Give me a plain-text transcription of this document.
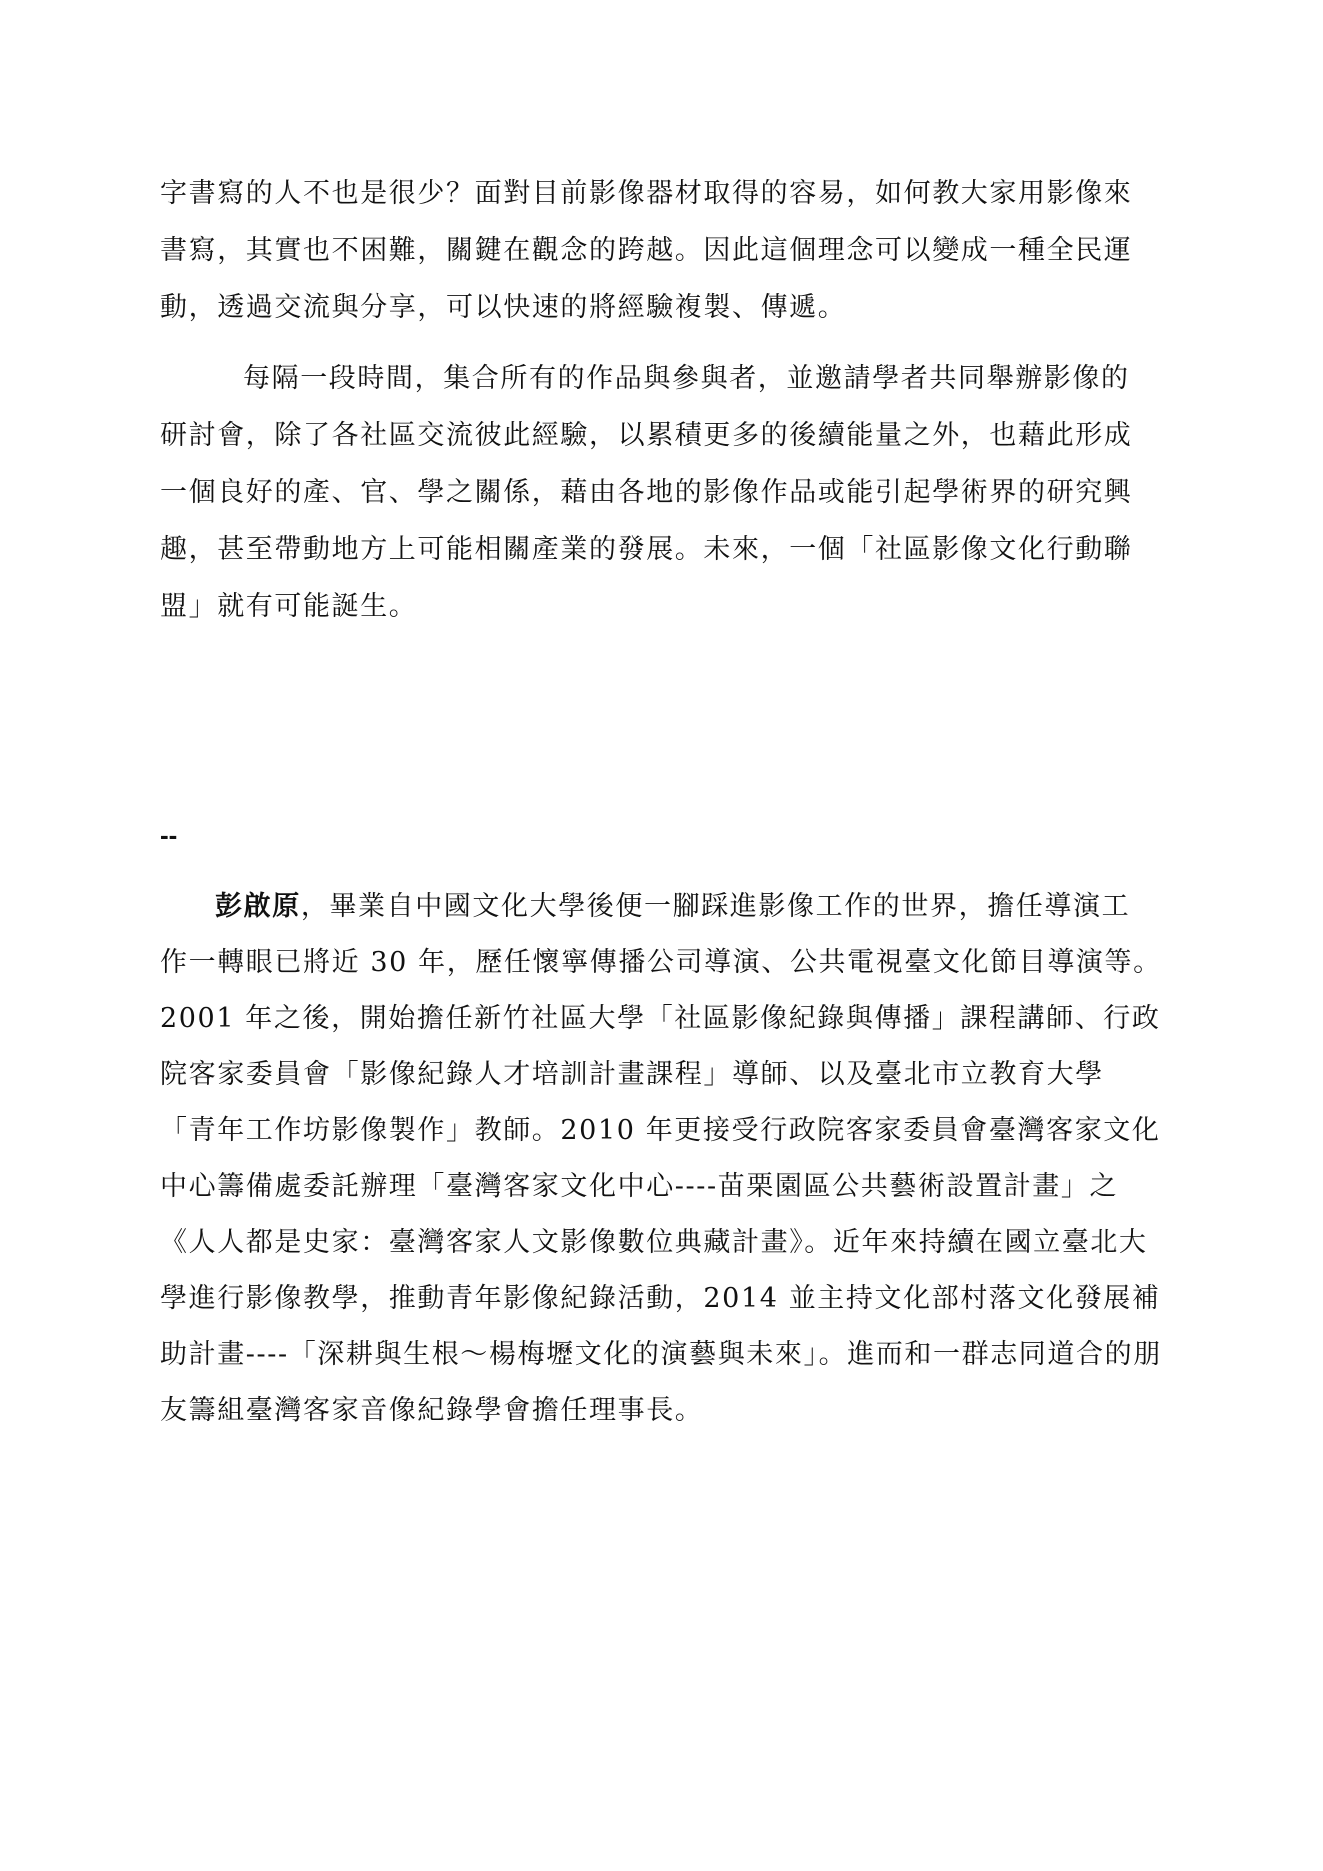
字書寫的人不也是很少？面對目前影像器材取得的容易，如何教大家用影像來
書寫，其實也不困難，關鍵在觀念的跨越。因此這個理念可以變成一種全民運
動，透過交流與分享，可以快速的將經驗複製、傳遞。
每隔一段時間，集合所有的作品與參與者，並邀請學者共同舉辦影像的
研討會，除了各社區交流彼此經驗，以累積更多的後續能量之外，也藉此形成
一個良好的產、官、學之關係，藉由各地的影像作品或能引起學術界的研究興
趣，甚至帶動地方上可能相關產業的發展。未來，一個「社區影像文化行動聯
盟」就有可能誕生。
--
彭啟原，畢業自中國文化大學後便一腳踩進影像工作的世界，擔任導演工
作一轉眼已將近 30 年，歷任懷寧傳播公司導演、公共電視臺文化節目導演等。
2001 年之後，開始擔任新竹社區大學「社區影像紀錄與傳播」課程講師、行政
院客家委員會「影像紀錄人才培訓計畫課程」導師、以及臺北市立教育大學
「青年工作坊影像製作」教師。2010 年更接受行政院客家委員會臺灣客家文化
中心籌備處委託辦理「臺灣客家文化中心----苗栗園區公共藝術設置計畫」之
《人人都是史家：臺灣客家人文影像數位典藏計畫》。近年來持續在國立臺北大
學進行影像教學，推動青年影像紀錄活動，2014 並主持文化部村落文化發展補
助計畫----「深耕與生根～楊梅壢文化的演藝與未來」。進而和一群志同道合的朋
友籌組臺灣客家音像紀錄學會擔任理事長。
